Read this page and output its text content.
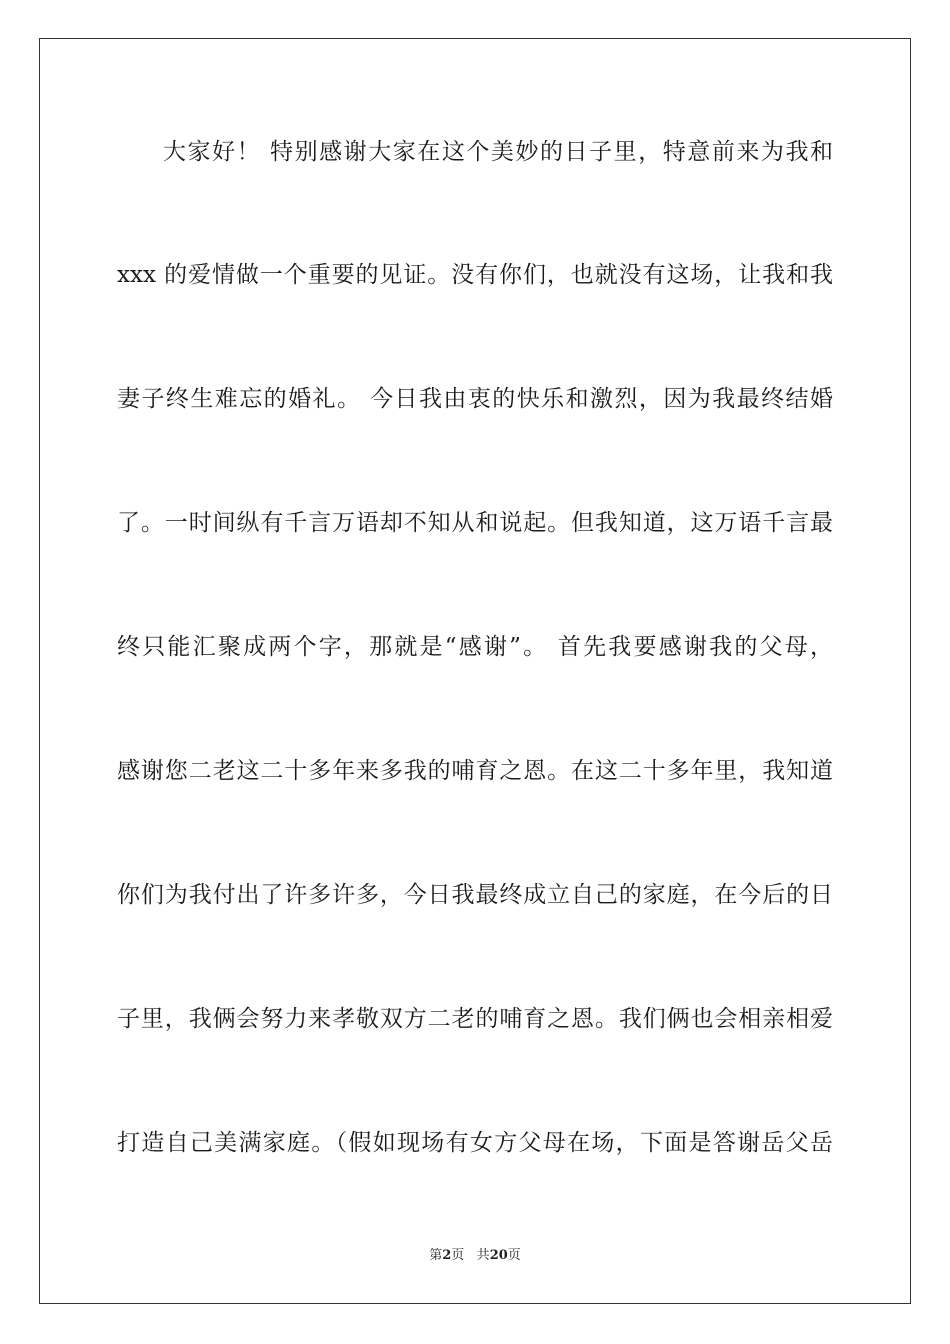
大家好！ 特别感谢大家在这个美妙的日子里，特意前来为我和
xxx 的爱情做一个重要的见证。没有你们，也就没有这场，让我和我
妻子终生难忘的婚礼。 今日我由衷的快乐和激烈，因为我最终结婚
了。一时间纵有千言万语却不知从和说起。但我知道，这万语千言最
终只能汇聚成两个字，那就是“感谢”。 首先我要感谢我的父母，
感谢您二老这二十多年来多我的哺育之恩。在这二十多年里，我知道
你们为我付出了许多许多，今日我最终成立自己的家庭，在今后的日
子里，我俩会努力来孝敬双方二老的哺育之恩。我们俩也会相亲相爱
打造自己美满家庭。（假如现场有女方父母在场，下面是答谢岳父岳
第2页 共20页
